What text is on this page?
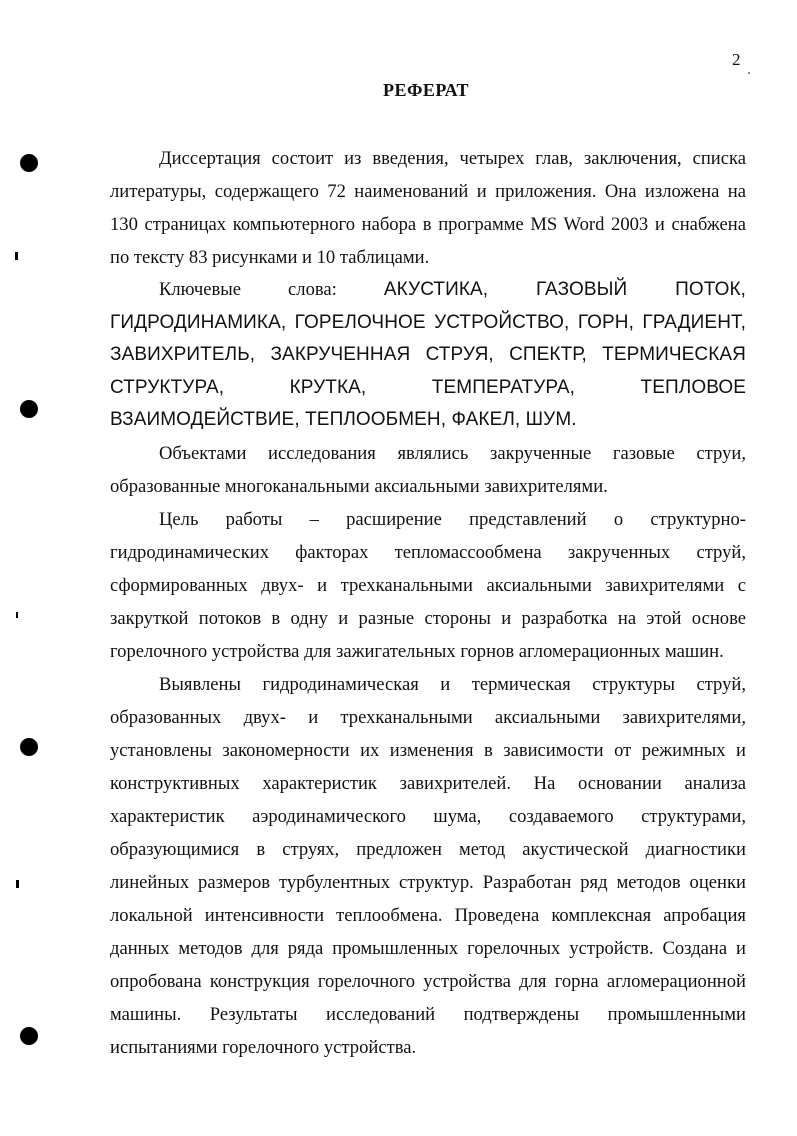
2
РЕФЕРАТ

Диссертация состоит из введения, четырех глав, заключения, списка литературы, содержащего 72 наименований и приложения. Она изложена на 130 страницах компьютерного набора в программе MS Word 2003 и снабжена по тексту 83 рисунками и 10 таблицами.

Ключевые слова: АКУСТИКА, ГАЗОВЫЙ ПОТОК, ГИДРОДИНАМИКА, ГОРЕЛОЧНОЕ УСТРОЙСТВО, ГОРН, ГРАДИЕНТ, ЗАВИХРИТЕЛЬ, ЗАКРУЧЕННАЯ СТРУЯ, СПЕКТР, ТЕРМИЧЕСКАЯ СТРУКТУРА, КРУТКА, ТЕМПЕРАТУРА, ТЕПЛОВОЕ ВЗАИМОДЕЙСТВИЕ, ТЕПЛООБМЕН, ФАКЕЛ, ШУМ.

Объектами исследования являлись закрученные газовые струи, образованные многоканальными аксиальными завихрителями.

Цель работы – расширение представлений о структурно-гидродинамических факторах тепломассообмена закрученных струй, сформированных двух- и трехканальными аксиальными завихрителями с закруткой потоков в одну и разные стороны и разработка на этой основе горелочного устройства для зажигательных горнов агломерационных машин.

Выявлены гидродинамическая и термическая структуры струй, образованных двух- и трехканальными аксиальными завихрителями, установлены закономерности их изменения в зависимости от режимных и конструктивных характеристик завихрителей. На основании анализа характеристик аэродинамического шума, создаваемого структурами, образующимися в струях, предложен метод акустической диагностики линейных размеров турбулентных структур. Разработан ряд методов оценки локальной интенсивности теплообмена. Проведена комплексная апробация данных методов для ряда промышленных горелочных устройств. Создана и опробована конструкция горелочного устройства для горна агломерационной машины. Результаты исследований подтверждены промышленными испытаниями горелочного устройства.
